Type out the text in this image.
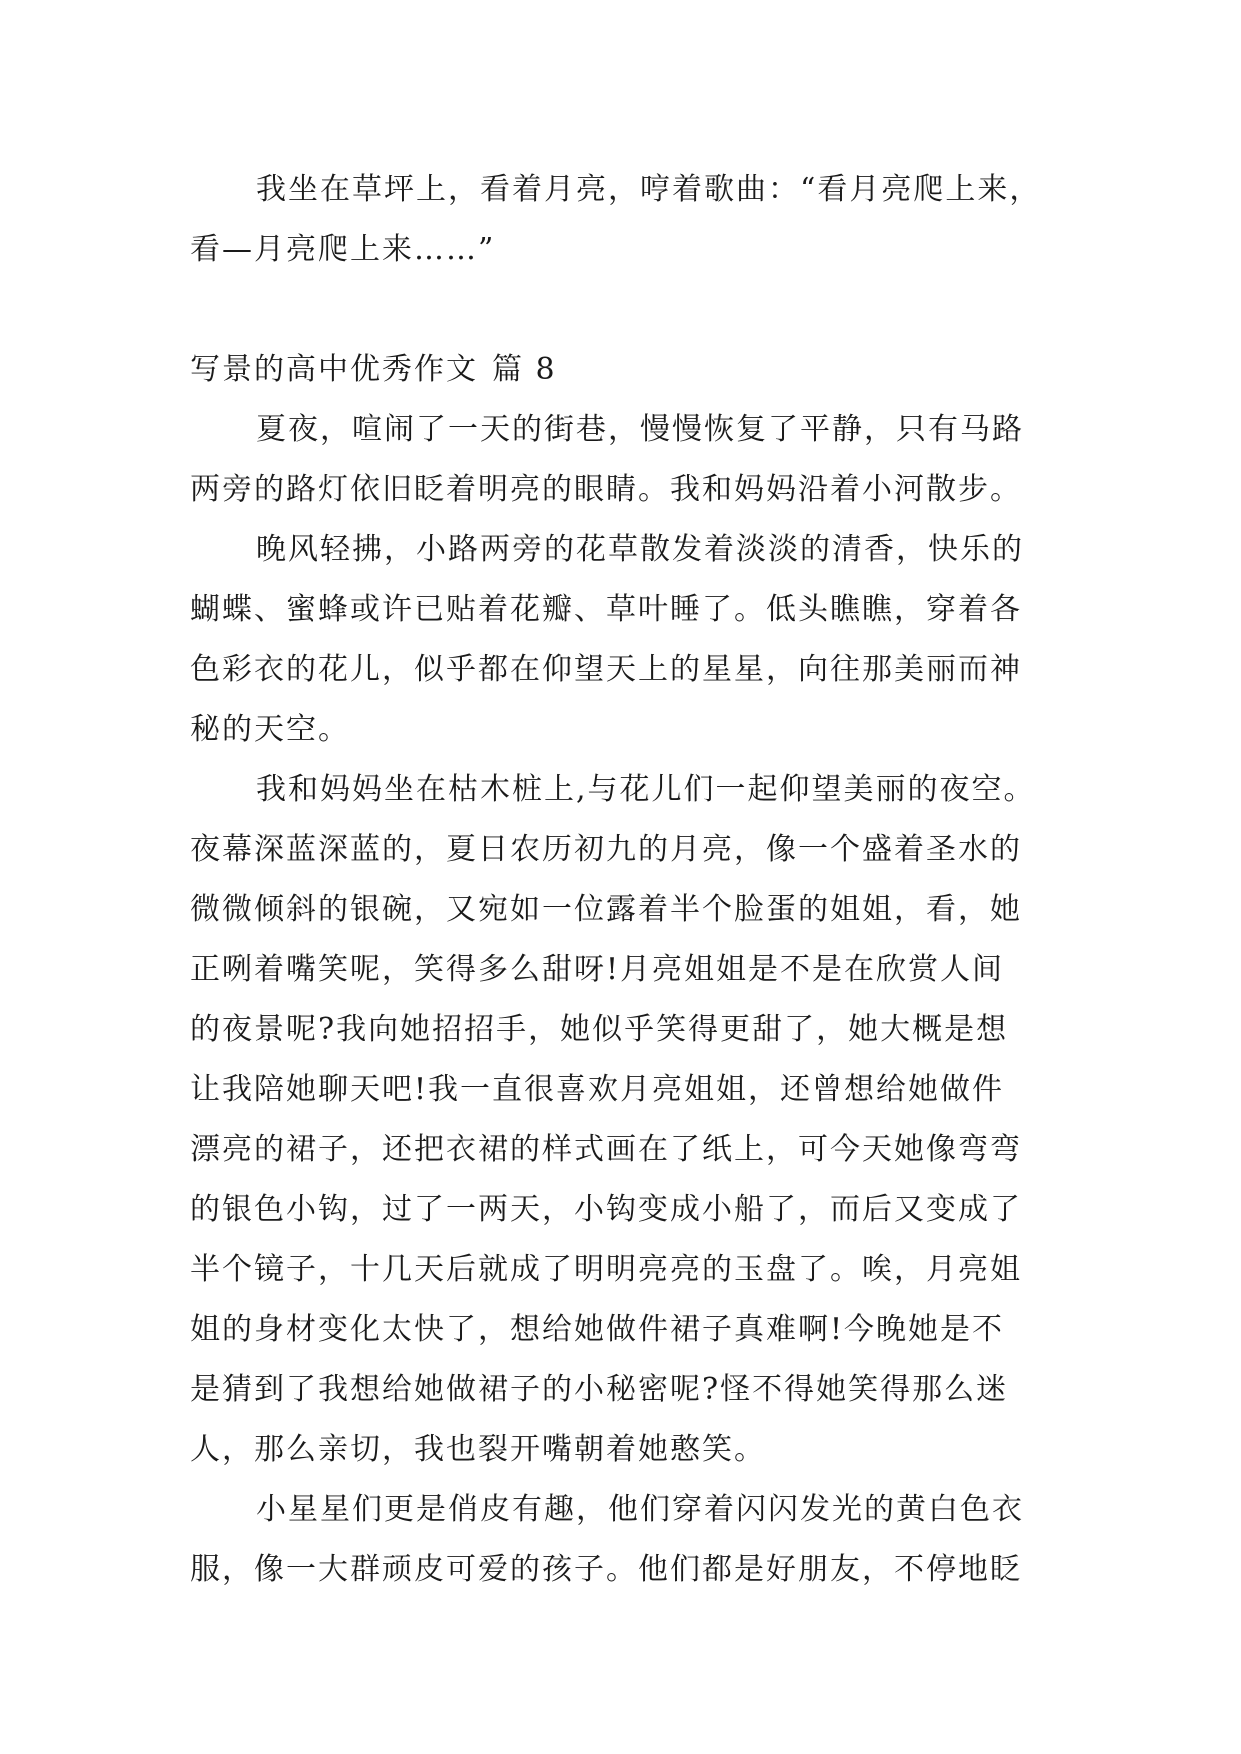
我坐在草坪上，看着月亮，哼着歌曲：“看月亮爬上来，
看—月亮爬上来……”
写景的高中优秀作文 篇 8
夏夜，喧闹了一天的街巷，慢慢恢复了平静，只有马路
两旁的路灯依旧眨着明亮的眼睛。我和妈妈沿着小河散步。
晚风轻拂，小路两旁的花草散发着淡淡的清香，快乐的
蝴蝶、蜜蜂或许已贴着花瓣、草叶睡了。低头瞧瞧，穿着各
色彩衣的花儿，似乎都在仰望天上的星星，向往那美丽而神
秘的天空。
我和妈妈坐在枯木桩上,与花儿们一起仰望美丽的夜空。
夜幕深蓝深蓝的，夏日农历初九的月亮，像一个盛着圣水的
微微倾斜的银碗，又宛如一位露着半个脸蛋的姐姐，看，她
正咧着嘴笑呢，笑得多么甜呀!月亮姐姐是不是在欣赏人间
的夜景呢?我向她招招手，她似乎笑得更甜了，她大概是想
让我陪她聊天吧!我一直很喜欢月亮姐姐，还曾想给她做件
漂亮的裙子，还把衣裙的样式画在了纸上，可今天她像弯弯
的银色小钩，过了一两天，小钩变成小船了，而后又变成了
半个镜子，十几天后就成了明明亮亮的玉盘了。唉，月亮姐
姐的身材变化太快了，想给她做件裙子真难啊!今晚她是不
是猜到了我想给她做裙子的小秘密呢?怪不得她笑得那么迷
人，那么亲切，我也裂开嘴朝着她憨笑。
小星星们更是俏皮有趣，他们穿着闪闪发光的黄白色衣
服，像一大群顽皮可爱的孩子。他们都是好朋友，不停地眨
